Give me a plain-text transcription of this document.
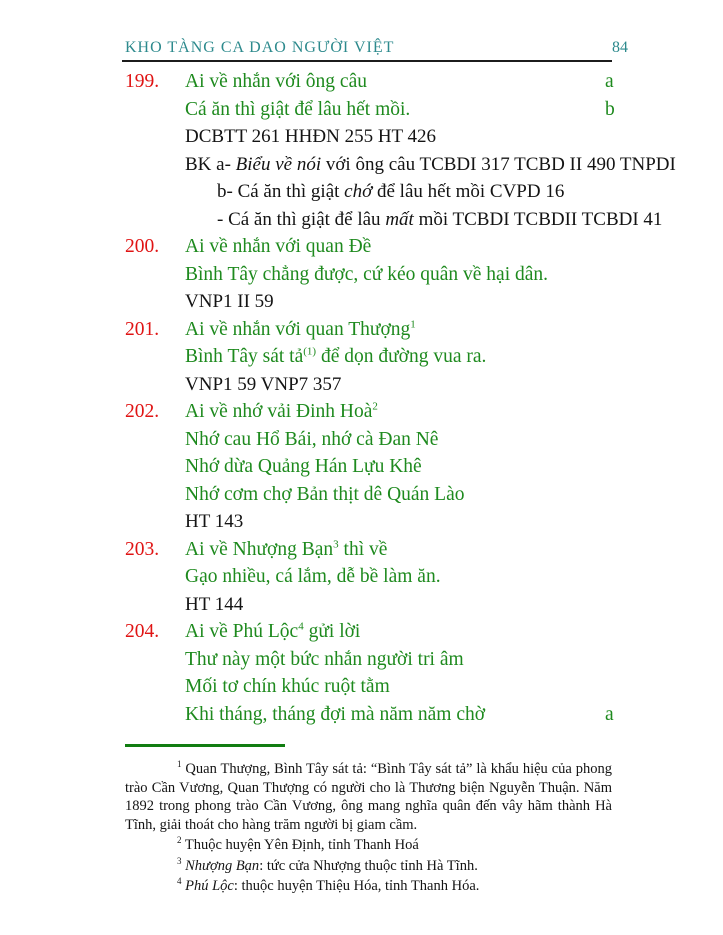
KHO TÀNG CA DAO NGƯỜI VIỆT	84
199. Ai về nhắn với ông câu	a
Cá ăn thì giật để lâu hết mồi.	b
DCBTT 261 HHĐN 255 HT 426
BK a- Biểu về nói với ông câu TCBDI 317 TCBD II 490 TNPDI
b- Cá ăn thì giật chớ để lâu hết mồi CVPD 16
- Cá ăn thì giật để lâu mất mồi TCBDI TCBDII TCBDI 41
200. Ai về nhắn với quan Đề
Bình Tây chẳng được, cứ kéo quân về hại dân.
VNP1 II 59
201. Ai về nhắn với quan Thượng$^1$
Bình Tây sát tả$^{(1)}$ để dọn đường vua ra.
VNP1 59 VNP7 357
202. Ai về nhớ vải Đinh Hoà$^2$
Nhớ cau Hổ Bái, nhớ cà Đan Nê
Nhớ dừa Quảng Hán Lựu Khê
Nhớ cơm chợ Bản thịt dê Quán Lào
HT 143
203. Ai về Nhượng Bạn$^3$ thì về
Gạo nhiều, cá lắm, dễ bề làm ăn.
HT 144
204. Ai về Phú Lộc$^4$ gửi lời
Thư này một bức nhắn người tri âm
Mối tơ chín khúc ruột tằm
Khi tháng, tháng đợi mà năm năm chờ	a

$^1$ Quan Thượng, Bình Tây sát tả: “Bình Tây sát tả” là khẩu hiệu của phong trào Cần Vương, Quan Thượng có người cho là Thương biện Nguyễn Thuận. Năm 1892 trong phong trào Cần Vương, ông mang nghĩa quân đến vây hãm thành Hà Tĩnh, giải thoát cho hàng trăm người bị giam cầm.

$^2$ Thuộc huyện Yên Định, tỉnh Thanh Hoá

$^3$ Nhượng Bạn: tức cửa Nhượng thuộc tỉnh Hà Tĩnh.

$^4$ Phú Lộc: thuộc huyện Thiệu Hóa, tỉnh Thanh Hóa.
